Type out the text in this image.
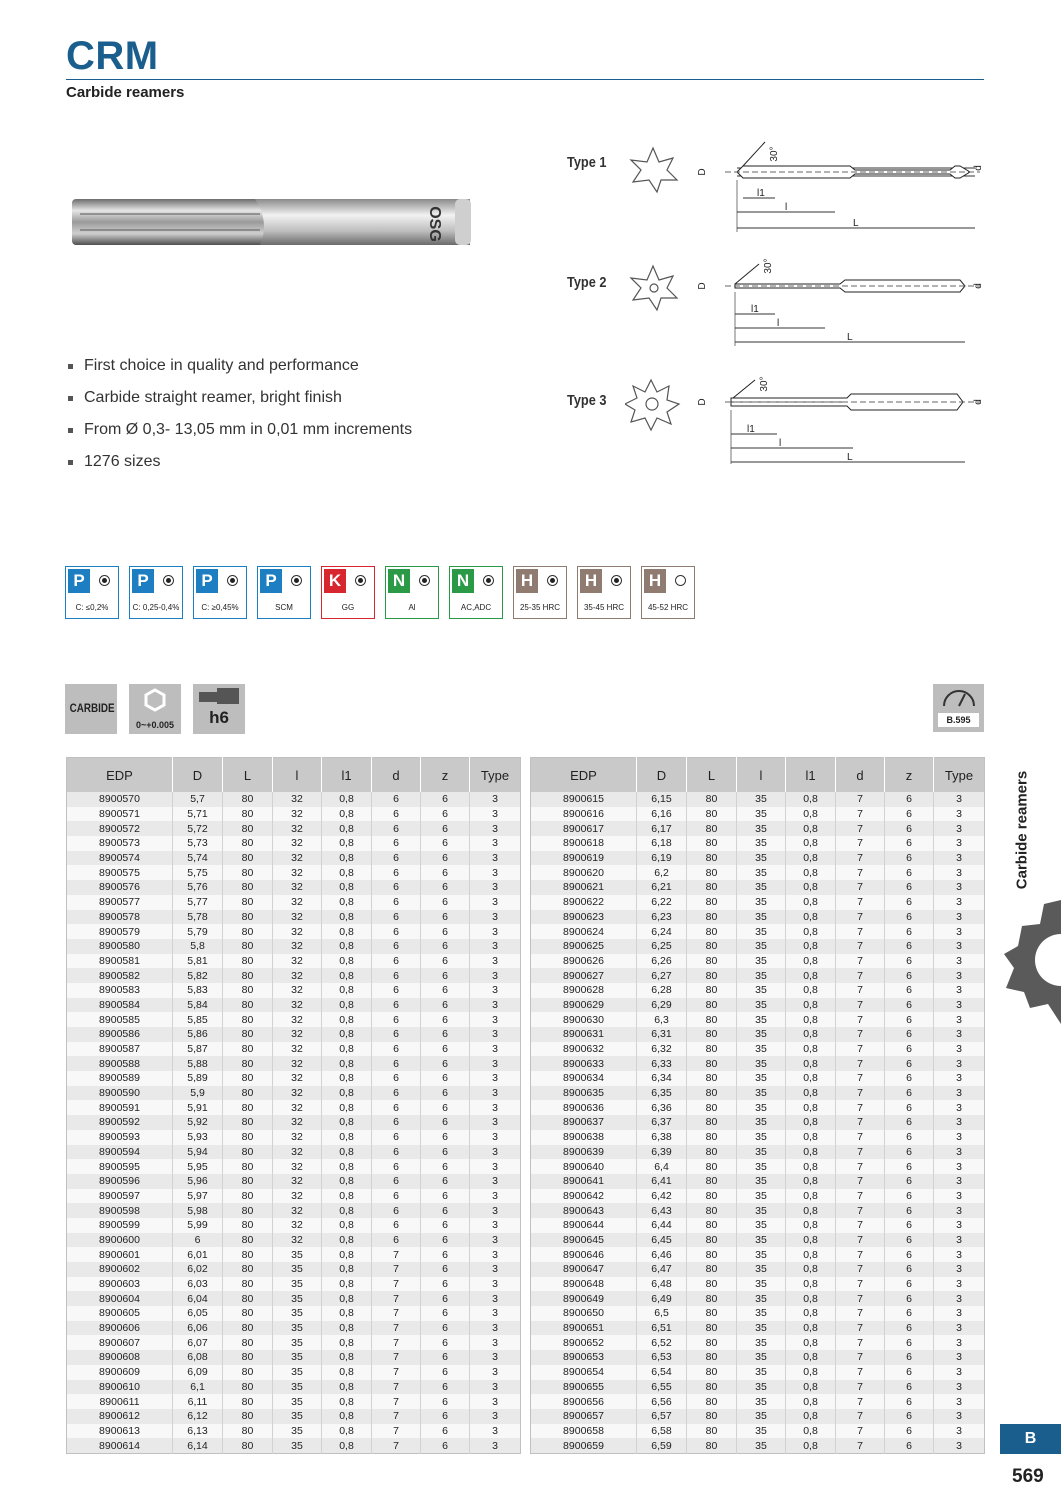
CRM
Carbide reamers
OSG
First choice in quality and performance
Carbide straight reamer, bright finish
From Ø 0,3- 13,05 mm in 0,01 mm increments
1276 sizes
Type 1
Type 2
Type 3
30°
D
d
l1
l
L
30°
D	d
l1
l
L
30°
D	d
l1
l
L
P
C: ≤0,2%
P
C: 0,25-0,4%
P
C: ≥0,45%
P
SCM
K
GG
N
Al
N
AC,ADC
H
25-35 HRC
H
35-45 HRC
H
45-52 HRC
CARBIDE
0~+0.005	h6	B.595
EDP	D	L	l	l1	d	z	Type
8900570	5,7	80	32	0,8	6	6	3
8900571	5,71	80	32	0,8	6	6	3
8900572	5,72	80	32	0,8	6	6	3
8900573	5,73	80	32	0,8	6	6	3
8900574	5,74	80	32	0,8	6	6	3
8900575	5,75	80	32	0,8	6	6	3
8900576	5,76	80	32	0,8	6	6	3
8900577	5,77	80	32	0,8	6	6	3
8900578	5,78	80	32	0,8	6	6	3
8900579	5,79	80	32	0,8	6	6	3
8900580	5,8	80	32	0,8	6	6	3
8900581	5,81	80	32	0,8	6	6	3
8900582	5,82	80	32	0,8	6	6	3
8900583	5,83	80	32	0,8	6	6	3
8900584	5,84	80	32	0,8	6	6	3
8900585	5,85	80	32	0,8	6	6	3
8900586	5,86	80	32	0,8	6	6	3
8900587	5,87	80	32	0,8	6	6	3
8900588	5,88	80	32	0,8	6	6	3
8900589	5,89	80	32	0,8	6	6	3
8900590	5,9	80	32	0,8	6	6	3
8900591	5,91	80	32	0,8	6	6	3
8900592	5,92	80	32	0,8	6	6	3
8900593	5,93	80	32	0,8	6	6	3
8900594	5,94	80	32	0,8	6	6	3
8900595	5,95	80	32	0,8	6	6	3
8900596	5,96	80	32	0,8	6	6	3
8900597	5,97	80	32	0,8	6	6	3
8900598	5,98	80	32	0,8	6	6	3
8900599	5,99	80	32	0,8	6	6	3
8900600	6	80	32	0,8	6	6	3
8900601	6,01	80	35	0,8	7	6	3
8900602	6,02	80	35	0,8	7	6	3
8900603	6,03	80	35	0,8	7	6	3
8900604	6,04	80	35	0,8	7	6	3
8900605	6,05	80	35	0,8	7	6	3
8900606	6,06	80	35	0,8	7	6	3
8900607	6,07	80	35	0,8	7	6	3
8900608	6,08	80	35	0,8	7	6	3
8900609	6,09	80	35	0,8	7	6	3
8900610	6,1	80	35	0,8	7	6	3
8900611	6,11	80	35	0,8	7	6	3
8900612	6,12	80	35	0,8	7	6	3
8900613	6,13	80	35	0,8	7	6	3
8900614	6,14	80	35	0,8	7	6	3
EDP	D	L	l	l1	d	z	Type
8900615	6,15	80	35	0,8	7	6	3
8900616	6,16	80	35	0,8	7	6	3
8900617	6,17	80	35	0,8	7	6	3
8900618	6,18	80	35	0,8	7	6	3
8900619	6,19	80	35	0,8	7	6	3
8900620	6,2	80	35	0,8	7	6	3
8900621	6,21	80	35	0,8	7	6	3
8900622	6,22	80	35	0,8	7	6	3
8900623	6,23	80	35	0,8	7	6	3
8900624	6,24	80	35	0,8	7	6	3
8900625	6,25	80	35	0,8	7	6	3
8900626	6,26	80	35	0,8	7	6	3
8900627	6,27	80	35	0,8	7	6	3
8900628	6,28	80	35	0,8	7	6	3
8900629	6,29	80	35	0,8	7	6	3
8900630	6,3	80	35	0,8	7	6	3
8900631	6,31	80	35	0,8	7	6	3
8900632	6,32	80	35	0,8	7	6	3
8900633	6,33	80	35	0,8	7	6	3
8900634	6,34	80	35	0,8	7	6	3
8900635	6,35	80	35	0,8	7	6	3
8900636	6,36	80	35	0,8	7	6	3
8900637	6,37	80	35	0,8	7	6	3
8900638	6,38	80	35	0,8	7	6	3
8900639	6,39	80	35	0,8	7	6	3
8900640	6,4	80	35	0,8	7	6	3
8900641	6,41	80	35	0,8	7	6	3
8900642	6,42	80	35	0,8	7	6	3
8900643	6,43	80	35	0,8	7	6	3
8900644	6,44	80	35	0,8	7	6	3
8900645	6,45	80	35	0,8	7	6	3
8900646	6,46	80	35	0,8	7	6	3
8900647	6,47	80	35	0,8	7	6	3
8900648	6,48	80	35	0,8	7	6	3
8900649	6,49	80	35	0,8	7	6	3
8900650	6,5	80	35	0,8	7	6	3
8900651	6,51	80	35	0,8	7	6	3
8900652	6,52	80	35	0,8	7	6	3
8900653	6,53	80	35	0,8	7	6	3
8900654	6,54	80	35	0,8	7	6	3
8900655	6,55	80	35	0,8	7	6	3
8900656	6,56	80	35	0,8	7	6	3
8900657	6,57	80	35	0,8	7	6	3
8900658	6,58	80	35	0,8	7	6	3
8900659	6,59	80	35	0,8	7	6	3
Carbide reamers
B
569
